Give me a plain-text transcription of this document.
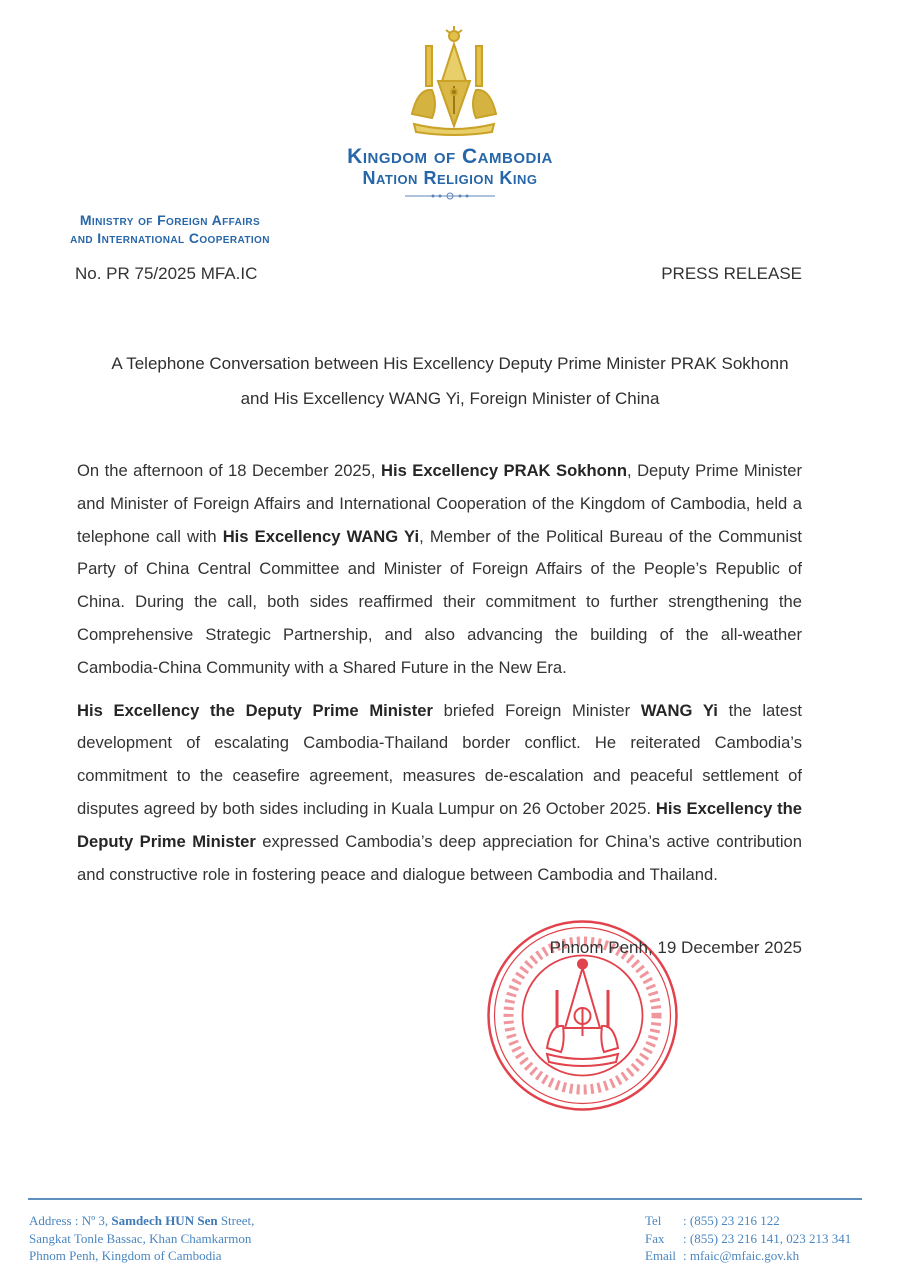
Kingdom of Cambodia
Nation Religion King
Ministry of Foreign Affairs
and International Cooperation
No. PR 75/2025 MFA.IC	PRESS RELEASE
A Telephone Conversation between His Excellency Deputy Prime Minister PRAK Sokhonn
and His Excellency WANG Yi, Foreign Minister of China

On the afternoon of 18 December 2025, His Excellency PRAK Sokhonn, Deputy Prime Minister and Minister of Foreign Affairs and International Cooperation of the Kingdom of Cambodia, held a telephone call with His Excellency WANG Yi, Member of the Political Bureau of the Communist Party of China Central Committee and Minister of Foreign Affairs of the People’s Republic of China. During the call, both sides reaffirmed their commitment to further strengthening the Comprehensive Strategic Partnership, and also advancing the building of the all-weather Cambodia-China Community with a Shared Future in the New Era.

His Excellency the Deputy Prime Minister briefed Foreign Minister WANG Yi the latest development of escalating Cambodia-Thailand border conflict. He reiterated Cambodia’s commitment to the ceasefire agreement, measures de-escalation and peaceful settlement of disputes agreed by both sides including in Kuala Lumpur on 26 October 2025. His Excellency the Deputy Prime Minister expressed Cambodia’s deep appreciation for China’s active contribution and constructive role in fostering peace and dialogue between Cambodia and Thailand.

Phnom Penh, 19 December 2025
Address : Nº 3, Samdech HUN Sen Street,
Sangkat Tonle Bassac, Khan Chamkarmon
Phnom Penh, Kingdom of Cambodia
Tel : (855) 23 216 122
Fax : (855) 23 216 141, 023 213 341
Email : mfaic@mfaic.gov.kh
